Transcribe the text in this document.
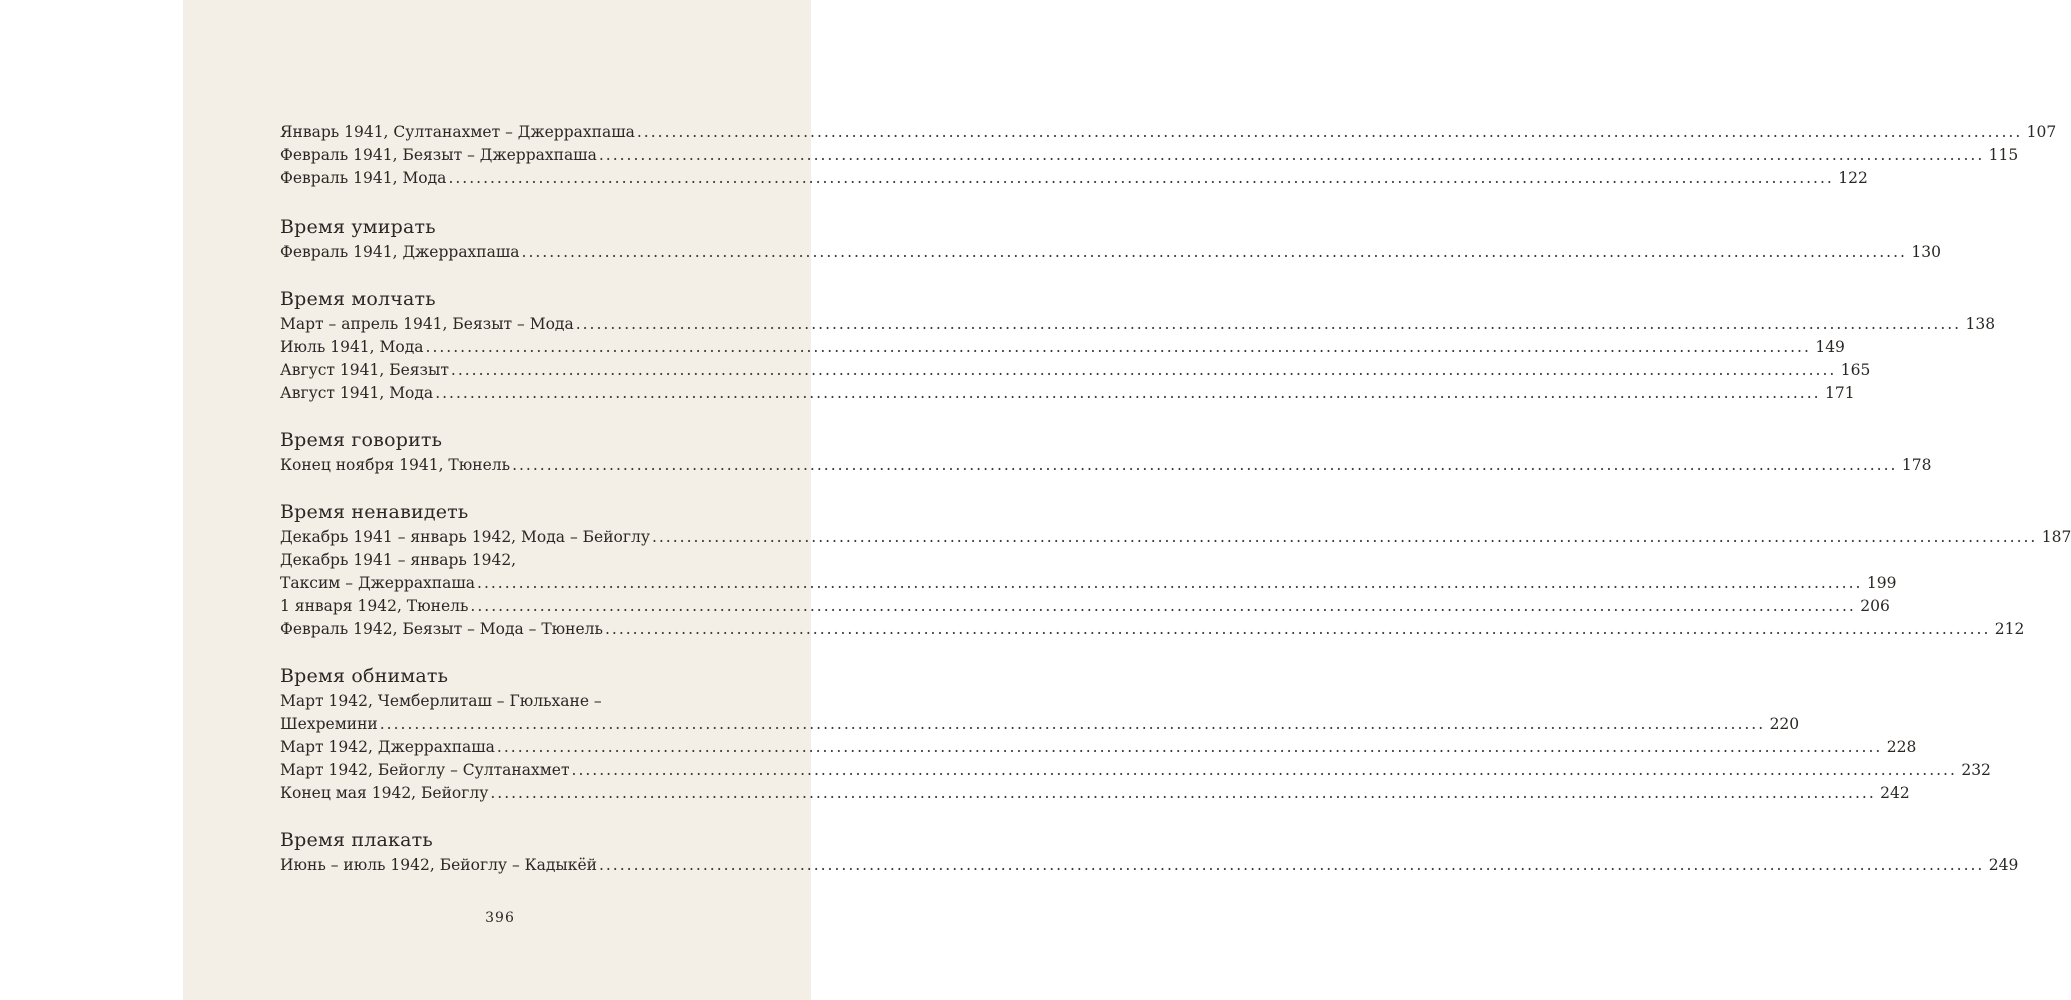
Январь 1941, Султанахмет – Джеррахпаша ........................................................................................................................................................................................................ 107
Февраль 1941, Беязыт – Джеррахпаша ........................................................................................................................................................................................................ 115
Февраль 1941, Мода ........................................................................................................................................................................................................ 122
Время умирать
Февраль 1941, Джеррахпаша ........................................................................................................................................................................................................ 130
Время молчать
Март – апрель 1941, Беязыт – Мода ........................................................................................................................................................................................................ 138
Июль 1941, Мода ........................................................................................................................................................................................................ 149
Август 1941, Беязыт ........................................................................................................................................................................................................ 165
Август 1941, Мода ........................................................................................................................................................................................................ 171
Время говорить
Конец ноября 1941, Тюнель ........................................................................................................................................................................................................ 178
Время ненавидеть
Декабрь 1941 – январь 1942, Мода – Бейоглу ........................................................................................................................................................................................................ 187
Декабрь 1941 – январь 1942,
Таксим – Джеррахпаша ........................................................................................................................................................................................................ 199
1 января 1942, Тюнель ........................................................................................................................................................................................................ 206
Февраль 1942, Беязыт – Мода – Тюнель ........................................................................................................................................................................................................ 212
Время обнимать
Март 1942, Чемберлиташ – Гюльхане –
Шехремини ........................................................................................................................................................................................................ 220
Март 1942, Джеррахпаша ........................................................................................................................................................................................................ 228
Март 1942, Бейоглу – Султанахмет ........................................................................................................................................................................................................ 232
Конец мая 1942, Бейоглу ........................................................................................................................................................................................................ 242
Время плакать
Июнь – июль 1942, Бейоглу – Кадыкёй ........................................................................................................................................................................................................ 249
396
